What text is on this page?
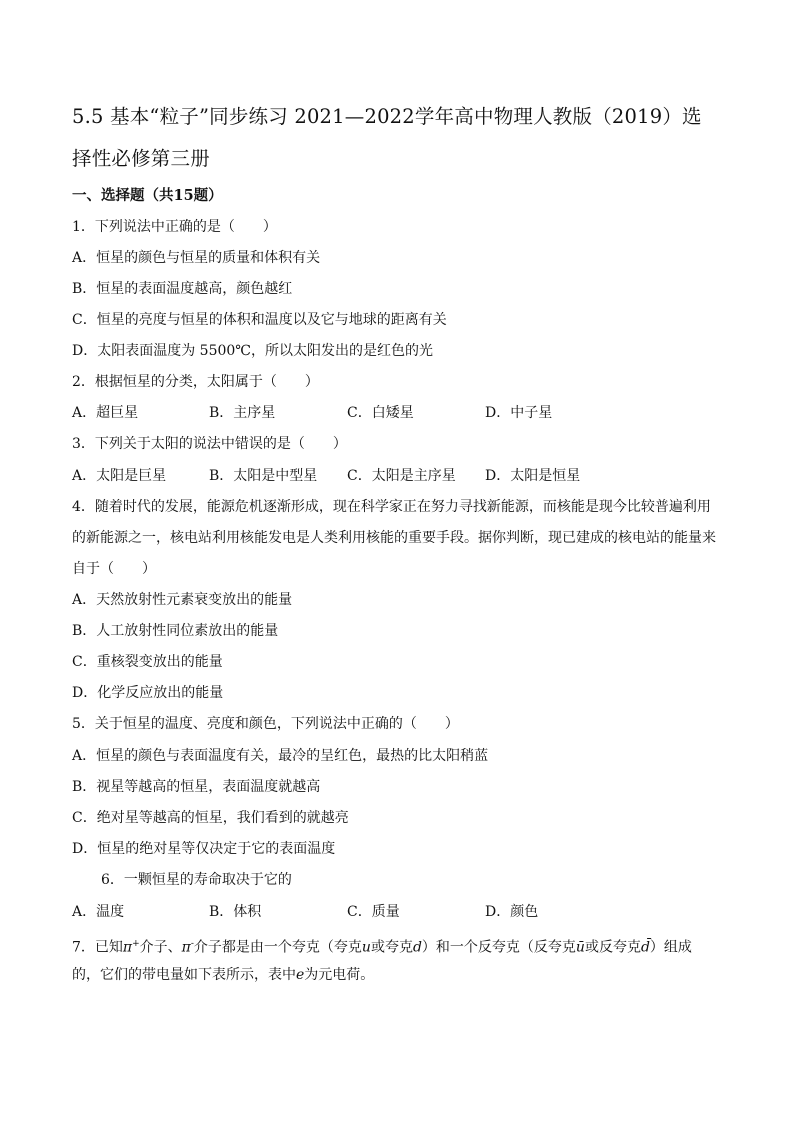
5.5 基本“粒子”同步练习 2021—2022学年高中物理人教版（2019）选
择性必修第三册
一、选择题（共15题）
1．下列说法中正确的是（　　）
A．恒星的颜色与恒星的质量和体积有关
B．恒星的表面温度越高，颜色越红
C．恒星的亮度与恒星的体积和温度以及它与地球的距离有关
D．太阳表面温度为 5500℃，所以太阳发出的是红色的光
2．根据恒星的分类，太阳属于（　　）
A．超巨星	B．主序星	C．白矮星	D．中子星
3．下列关于太阳的说法中错误的是（　　）
A．太阳是巨星	B．太阳是中型星 C．太阳是主序星 D．太阳是恒星
4．随着时代的发展，能源危机逐渐形成，现在科学家正在努力寻找新能源，而核能是现今比较普遍利用
的新能源之一，核电站利用核能发电是人类利用核能的重要手段。据你判断，现已建成的核电站的能量来
自于（　　）
A．天然放射性元素衰变放出的能量
B．人工放射性同位素放出的能量
C．重核裂变放出的能量
D．化学反应放出的能量
5．关于恒星的温度、亮度和颜色，下列说法中正确的（　　）
A．恒星的颜色与表面温度有关，最冷的呈红色，最热的比太阳稍蓝
B．视星等越高的恒星，表面温度就越高
C．绝对星等越高的恒星，我们看到的就越亮
D．恒星的绝对星等仅决定于它的表面温度
6．一颗恒星的寿命取决于它的
A．温度	B．体积	C．质量	D．颜色
7．已知π+介子、π-介子都是由一个夸克（夸克u或夸克d）和一个反夸克（反夸克ū或反夸克d̄）组成
的，它们的带电量如下表所示，表中e为元电荷。
